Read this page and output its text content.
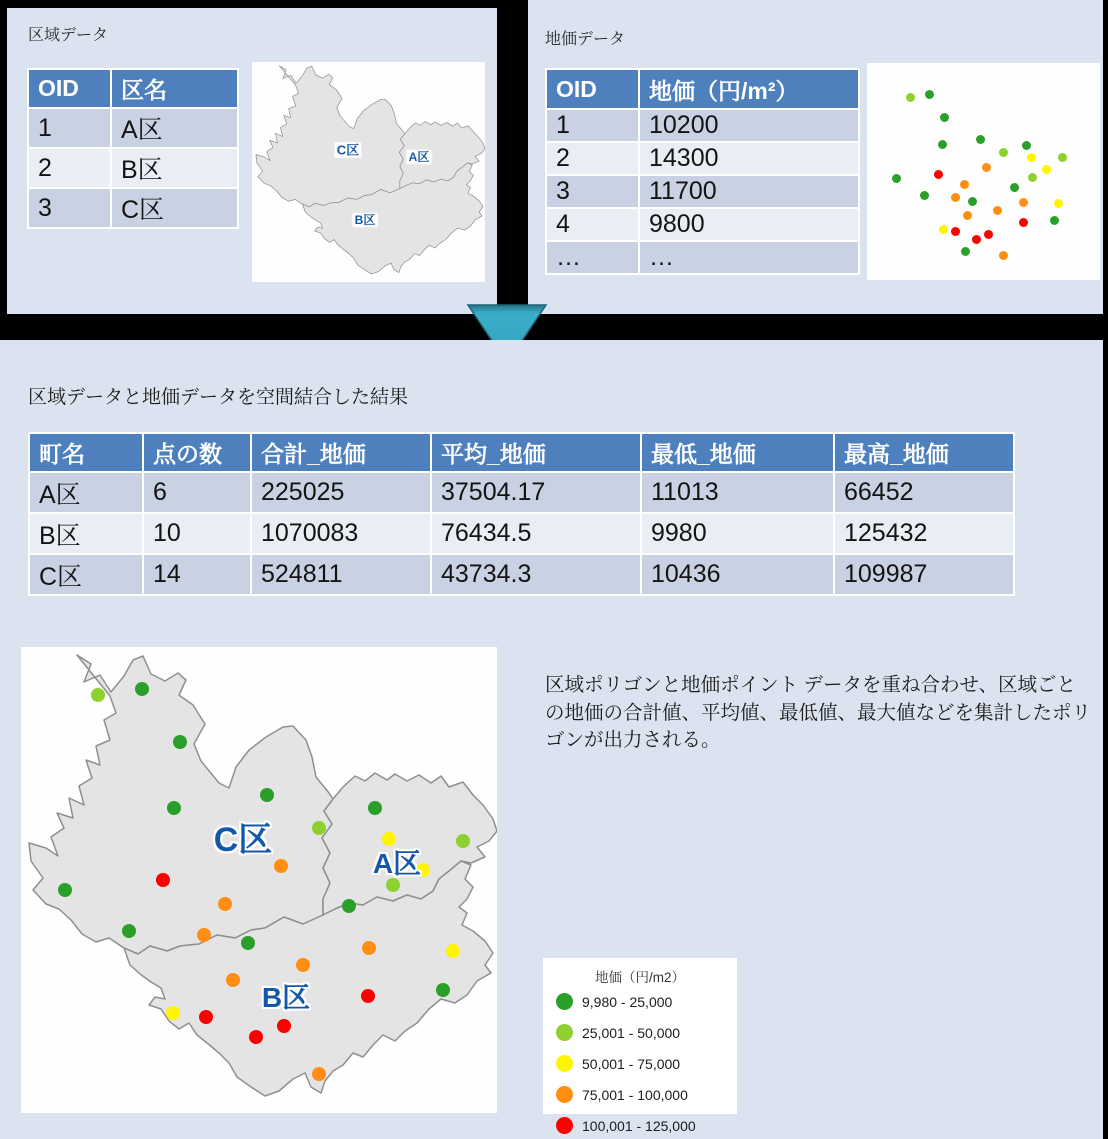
区域データ
OID	区名
1	A区
2	B区
3	C区
C区	A区
B区
地価データ
OID	地価（円/m²）
1	10200
2	14300
3	11700
4	9800
…	…
区域データと地価データを空間結合した結果
町名	点の数	合計_地価	平均_地価	最低_地価	最高_地価
A区	6	225025	37504.17	11013	66452
B区	10	1070083	76434.5	9980	125432
C区	14	524811	43734.3	10436	109987
C区
A区
B区
区域ポリゴンと地価ポイント データを重ね合わせ、区域ごとの地価の合計値、平均値、最低値、最大値などを集計したポリゴンが出力される。
地価（円/m2）
9,980 - 25,000
25,001 - 50,000
50,001 - 75,000
75,001 - 100,000
100,001 - 125,000
